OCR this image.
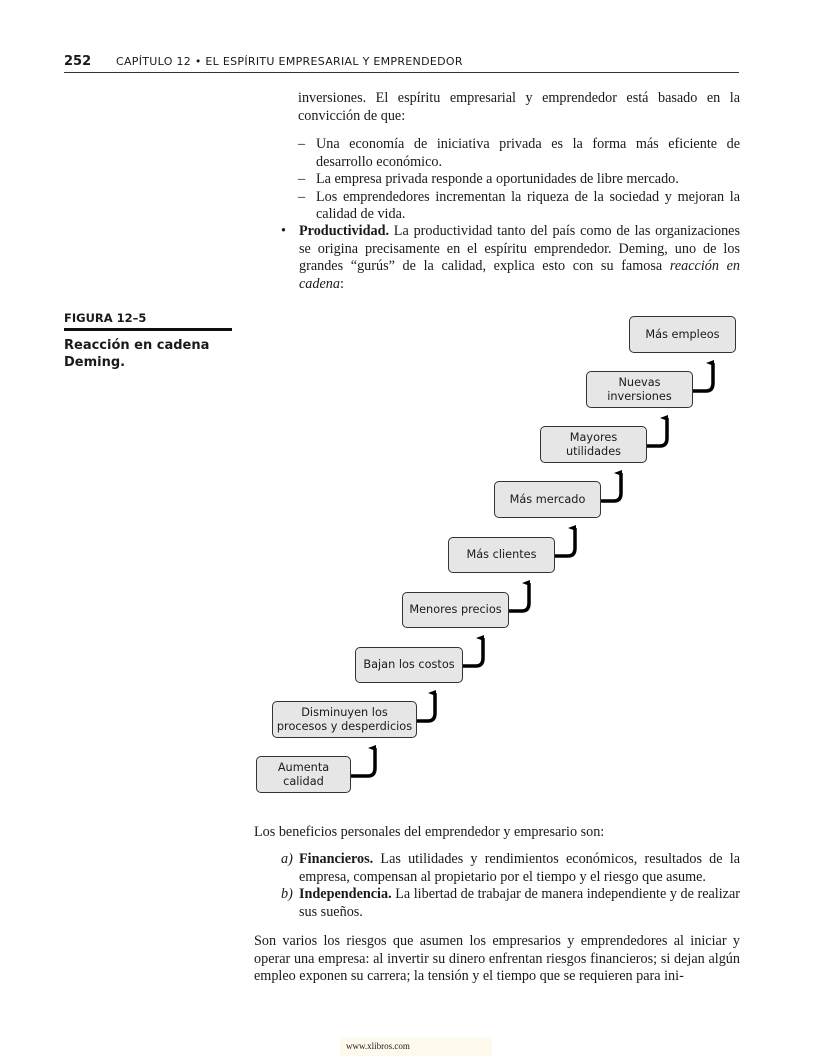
252 CAPÍTULO 12 • EL ESPÍRITU EMPRESARIAL Y EMPRENDEDOR
inversiones. El espíritu empresarial y emprendedor está basado en la convicción de que:
– Una economía de iniciativa privada es la forma más eficiente de desarrollo económico.
– La empresa privada responde a oportunidades de libre mercado.
– Los emprendedores incrementan la riqueza de la sociedad y mejoran la calidad de vida.
• Productividad. La productividad tanto del país como de las organizaciones se origina precisamente en el espíritu emprendedor. Deming, uno de los grandes “gurús” de la calidad, explica esto con su famosa reacción en cadena:
FIGURA 12–5
Reacción en cadena
Deming.
Aumenta
calidad
Disminuyen los
procesos y desperdicios
Bajan los costos
Menores precios
Más clientes
Más mercado
Mayores
utilidades
Nuevas
inversiones
Más empleos
Los beneficios personales del emprendedor y empresario son:
a) Financieros. Las utilidades y rendimientos económicos, resultados de la empresa, compensan al propietario por el tiempo y el riesgo que asume.
b) Independencia. La libertad de trabajar de manera independiente y de realizar sus sueños.
Son varios los riesgos que asumen los empresarios y emprendedores al iniciar y operar una empresa: al invertir su dinero enfrentan riesgos financieros; si dejan algún empleo exponen su carrera; la tensión y el tiempo que se requieren para ini-
www.xlibros.com
